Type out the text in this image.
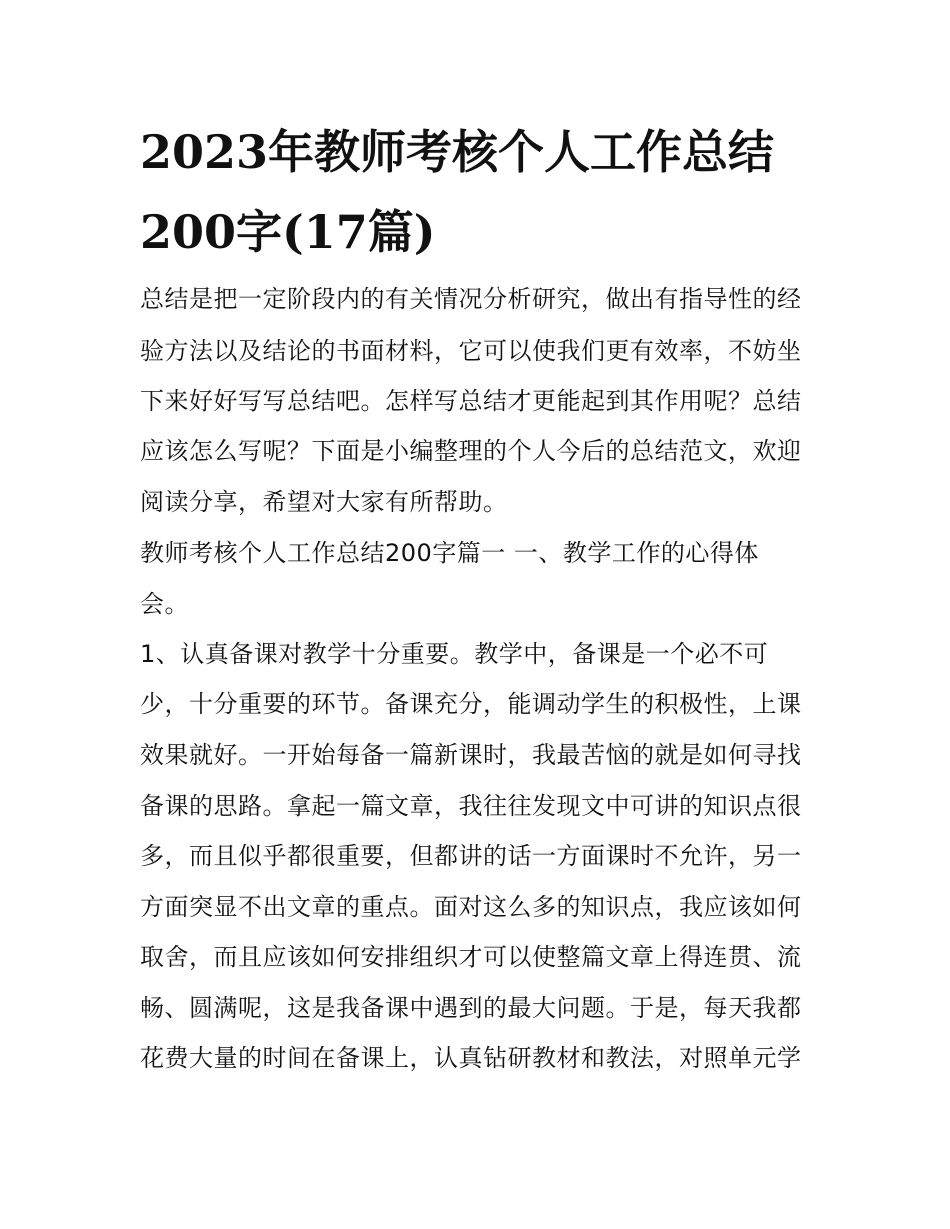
2023年教师考核个人工作总结
200字(17篇)

总结是把一定阶段内的有关情况分析研究，做出有指导性的经

验方法以及结论的书面材料，它可以使我们更有效率，不妨坐

下来好好写写总结吧。怎样写总结才更能起到其作用呢？总结

应该怎么写呢？下面是小编整理的个人今后的总结范文，欢迎

阅读分享，希望对大家有所帮助。

教师考核个人工作总结200字篇一 一、教学工作的心得体

会。

1、认真备课对教学十分重要。教学中，备课是一个必不可

少，十分重要的环节。备课充分，能调动学生的积极性，上课

效果就好。一开始每备一篇新课时，我最苦恼的就是如何寻找

备课的思路。拿起一篇文章，我往往发现文中可讲的知识点很

多，而且似乎都很重要，但都讲的话一方面课时不允许，另一

方面突显不出文章的重点。面对这么多的知识点，我应该如何

取舍，而且应该如何安排组织才可以使整篇文章上得连贯、流

畅、圆满呢，这是我备课中遇到的最大问题。于是，每天我都

花费大量的时间在备课上，认真钻研教材和教法，对照单元学
